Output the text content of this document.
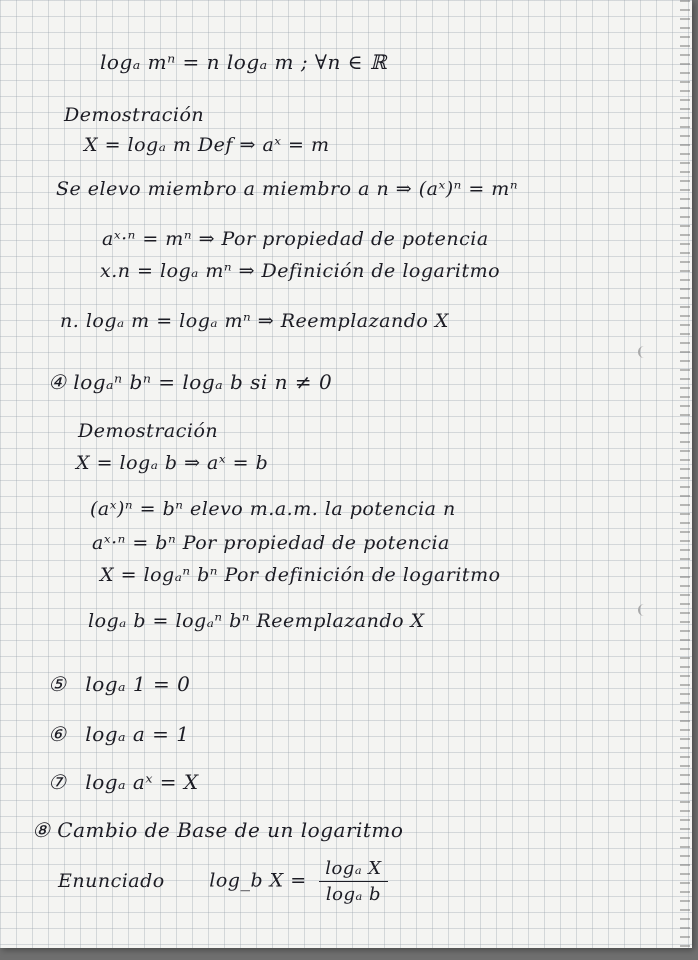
logₐ mⁿ = n logₐ m ; ∀n ∈ ℝ
Demostración
X = logₐ m Def ⇒ aˣ = m
Se elevo miembro a miembro a n ⇒ (aˣ)ⁿ = mⁿ
aˣ·ⁿ = mⁿ ⇒ Por propiedad de potencia
x.n = logₐ mⁿ ⇒ Definición de logaritmo
n. logₐ m = logₐ mⁿ ⇒ Reemplazando X
④ logₐⁿ bⁿ = logₐ b si n ≠ 0
Demostración
X = logₐ b ⇒ aˣ = b
(aˣ)ⁿ = bⁿ elevo m.a.m. la potencia n
aˣ·ⁿ = bⁿ Por propiedad de potencia
X = logₐⁿ bⁿ Por definición de logaritmo
logₐ b = logₐⁿ bⁿ Reemplazando X
⑤ logₐ 1 = 0
⑥ logₐ a = 1
⑦ logₐ aˣ = X
⑧ Cambio de Base de un logaritmo
Enunciado log_b $X = \frac{\text{logₐ X}}{\text{logₐ b}}$
